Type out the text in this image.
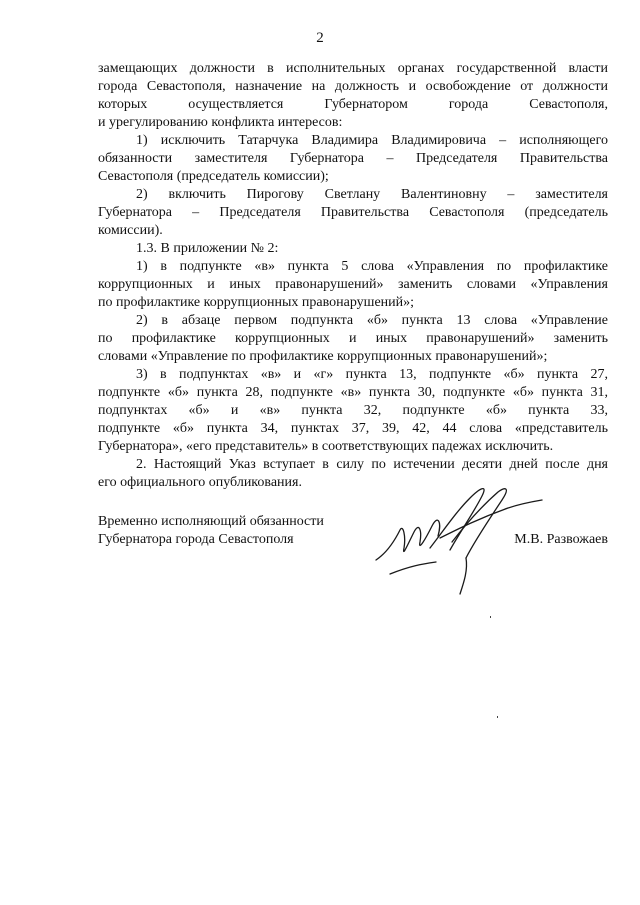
2
замещающих должности в исполнительных органах государственной власти
города Севастополя, назначение на должность и освобождение от должности
которых осуществляется Губернатором города Севастополя,
и урегулированию конфликта интересов:
1) исключить Татарчука Владимира Владимировича – исполняющего
обязанности заместителя Губернатора – Председателя Правительства
Севастополя (председатель комиссии);
2) включить Пирогову Светлану Валентиновну – заместителя
Губернатора – Председателя Правительства Севастополя (председатель
комиссии).
1.3. В приложении № 2:
1) в подпункте «в» пункта 5 слова «Управления по профилактике
коррупционных и иных правонарушений» заменить словами «Управления
по профилактике коррупционных правонарушений»;
2) в абзаце первом подпункта «б» пункта 13 слова «Управление
по профилактике коррупционных и иных правонарушений» заменить
словами «Управление по профилактике коррупционных правонарушений»;
3) в подпунктах «в» и «г» пункта 13, подпункте «б» пункта 27,
подпункте «б» пункта 28, подпункте «в» пункта 30, подпункте «б» пункта 31,
подпунктах «б» и «в» пункта 32, подпункте «б» пункта 33,
подпункте «б» пункта 34, пунктах 37, 39, 42, 44 слова «представитель
Губернатора», «его представитель» в соответствующих падежах исключить.
2. Настоящий Указ вступает в силу по истечении десяти дней после дня
его официального опубликования.
Временно исполняющий обязанности
Губернатора города Севастополя	М.В. Развожаев
